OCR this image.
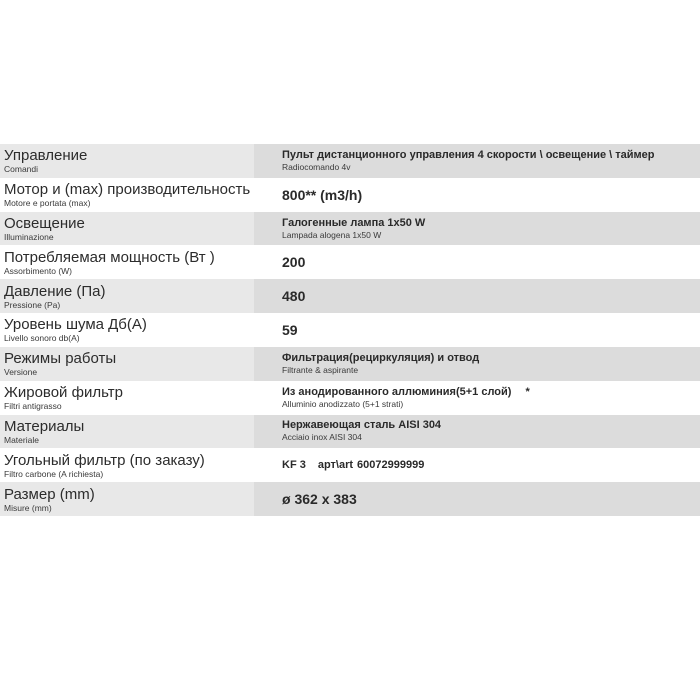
Управление
Comandi
Пульт дистанционного управления 4 скорости \ освещение \ таймер
Radiocomando 4v
Мотор и (max) производительность
Motore e portata (max)
800** (m3/h)
Освещение
Illuminazione
Галогенные лампа 1x50 W
Lampada alogena 1x50 W
Потребляемая мощность (Вт )
Assorbimento (W)
200
Давление (Па)
Pressione (Pa)
480
Уровень шума Дб(А)
Livello sonoro db(A)
59
Режимы работы
Versione
Фильтрация(рециркуляция) и отвод
Filtrante & aspirante
Жировой фильтр
Filtri antigrasso
Из анодированного аллюминия(5+1 слой) *
Alluminio anodizzato (5+1 strati)
Материалы
Materiale
Нержавеющая сталь AISI 304
Acciaio inox AISI 304
Угольный фильтр (по заказу)
Filtro carbone (A richiesta)
KF 3 арт\art 60072999999
Размер (mm)
Misure (mm)
ø 362 x 383
